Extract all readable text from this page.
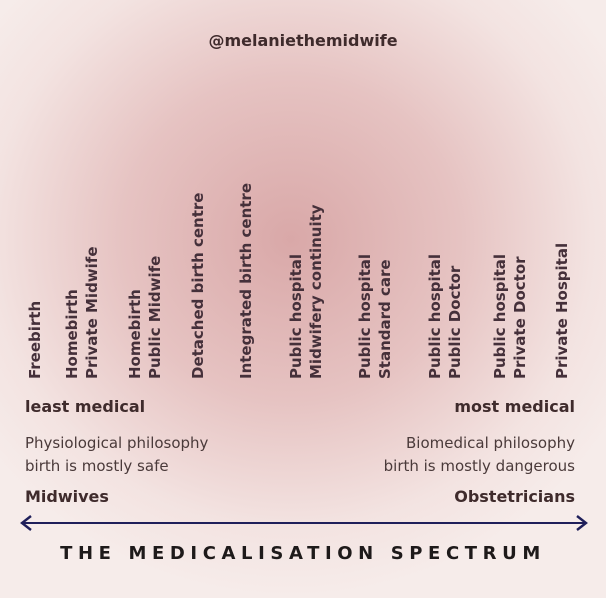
@melaniethemidwife
Freebirth Homebirth Private Midwife Homebirth Public Midwife Detached birth centre Integrated birth centre Public hospital Midwifery continuity Public hospital Standard care Public hospital Public Doctor Public hospital Private Doctor Private Hospital
least medical	most medical
Physiological philosophy
birth is mostly safe
Biomedical philosophy
birth is mostly dangerous
Midwives	Obstetricians
THE MEDICALISATION SPECTRUM
